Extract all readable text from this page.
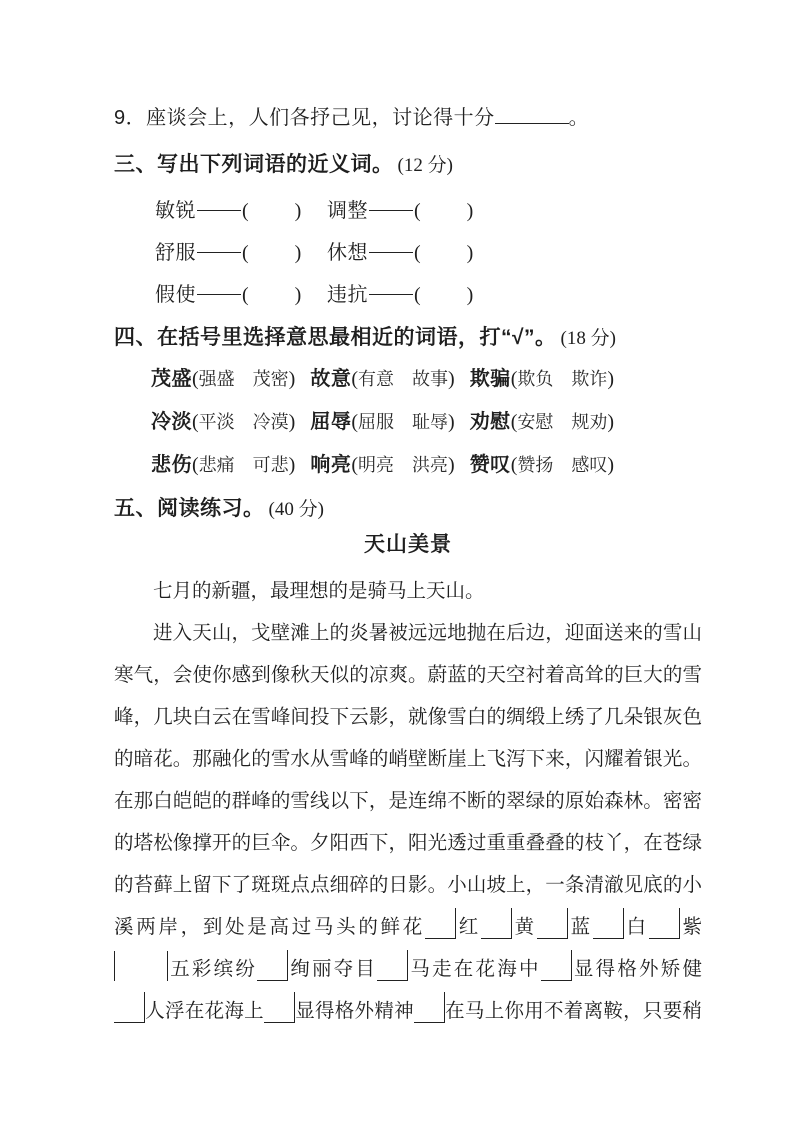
9．座谈会上，人们各抒己见，讨论得十分	。
三、写出下列词语的近义词。 (12 分)
敏锐 ( )	调整 ( )
舒服 ( )	休想 ( )
假使 ( )	违抗 ( )
四、在括号里选择意思最相近的词语，打“√”。 (18 分)
茂盛(强盛　茂密) 故意(有意　故事) 欺骗(欺负　欺诈)
冷淡(平淡　冷漠) 屈辱(屈服　耻辱) 劝慰(安慰　规劝)
悲伤(悲痛　可悲) 响亮(明亮　洪亮) 赞叹(赞扬　感叹)
五、阅读练习。 (40 分)
天山美景
七月的新疆，最理想的是骑马上天山。
进入天山，戈壁滩上的炎暑被远远地抛在后边，迎面送来的雪山
寒气，会使你感到像秋天似的凉爽。蔚蓝的天空衬着高耸的巨大的雪
峰，几块白云在雪峰间投下云影，就像雪白的绸缎上绣了几朵银灰色
的暗花。那融化的雪水从雪峰的峭壁断崖上飞泻下来，闪耀着银光。
在那白皑皑的群峰的雪线以下，是连绵不断的翠绿的原始森林。密密
的塔松像撑开的巨伞。夕阳西下，阳光透过重重叠叠的枝丫，在苍绿
的苔藓上留下了斑斑点点细碎的日影。小山坡上，一条清澈见底的小
溪两岸，到处是高过马头的鲜花 红 黄 蓝 白 紫
五彩缤纷 绚丽夺目 马走在花海中 显得格外矫健
人浮在花海上 显得格外精神 在马上你用不着离鞍，只要稍
